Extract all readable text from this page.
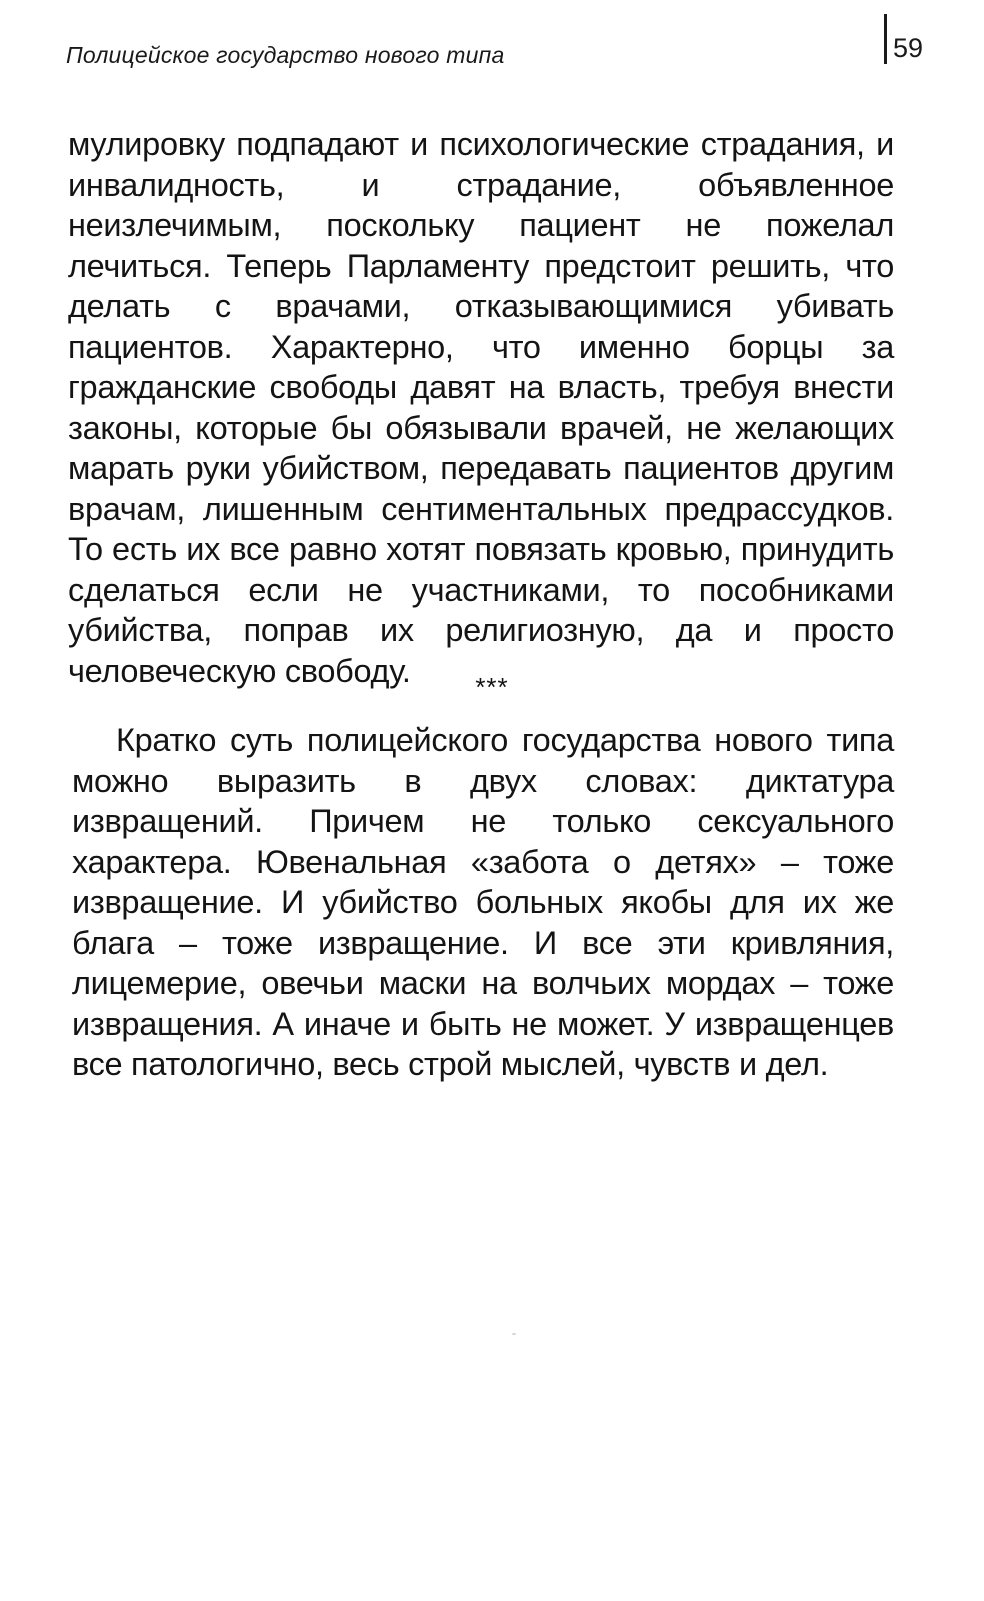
Полицейское государство нового типа	59
мулировку подпадают и психологические страдания, и инвалидность, и страдание, объявленное неизлечимым, поскольку пациент не пожелал лечиться. Теперь Парламенту предстоит решить, что делать с врачами, отказывающимися убивать пациентов. Характерно, что именно борцы за гражданские свободы давят на власть, требуя внести законы, которые бы обязывали врачей, не желающих марать руки убийством, передавать пациентов другим врачам, лишенным сентиментальных предрассудков. То есть их все равно хотят повязать кровью, принудить сделаться если не участниками, то пособниками убийства, поправ их религиозную, да и просто человеческую свободу.	***
Кратко суть полицейского государства нового типа можно выразить в двух словах: диктатура извращений. Причем не только сексуального характера. Ювенальная «забота о детях» – тоже извращение. И убийство больных якобы для их же блага – тоже извращение. И все эти кривляния, лицемерие, овечьи маски на волчьих мордах – тоже извращения. А иначе и быть не может. У извращенцев все патологично, весь строй мыслей, чувств и дел.
